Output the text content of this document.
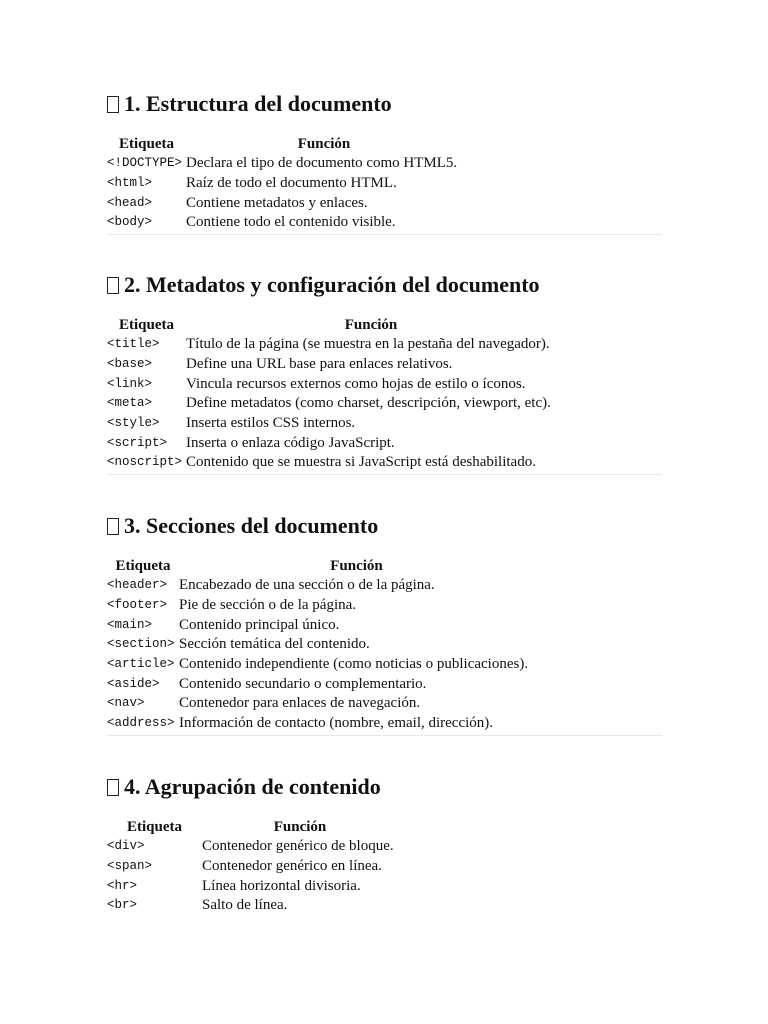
1. Estructura del documento
Etiqueta	Función
<!DOCTYPE>	Declara el tipo de documento como HTML5.
<html>	Raíz de todo el documento HTML.
<head>	Contiene metadatos y enlaces.
<body>	Contiene todo el contenido visible.
2. Metadatos y configuración del documento
Etiqueta	Función
<title>	Título de la página (se muestra en la pestaña del navegador).
<base>	Define una URL base para enlaces relativos.
<link>	Vincula recursos externos como hojas de estilo o íconos.
<meta>	Define metadatos (como charset, descripción, viewport, etc).
<style>	Inserta estilos CSS internos.
<script>	Inserta o enlaza código JavaScript.
<noscript>	Contenido que se muestra si JavaScript está deshabilitado.
3. Secciones del documento
Etiqueta	Función
<header>	Encabezado de una sección o de la página.
<footer>	Pie de sección o de la página.
<main>	Contenido principal único.
<section>	Sección temática del contenido.
<article>	Contenido independiente (como noticias o publicaciones).
<aside>	Contenido secundario o complementario.
<nav>	Contenedor para enlaces de navegación.
<address>	Información de contacto (nombre, email, dirección).
4. Agrupación de contenido
Etiqueta	Función
<div>	Contenedor genérico de bloque.
<span>	Contenedor genérico en línea.
<hr>	Línea horizontal divisoria.
<br>	Salto de línea.
